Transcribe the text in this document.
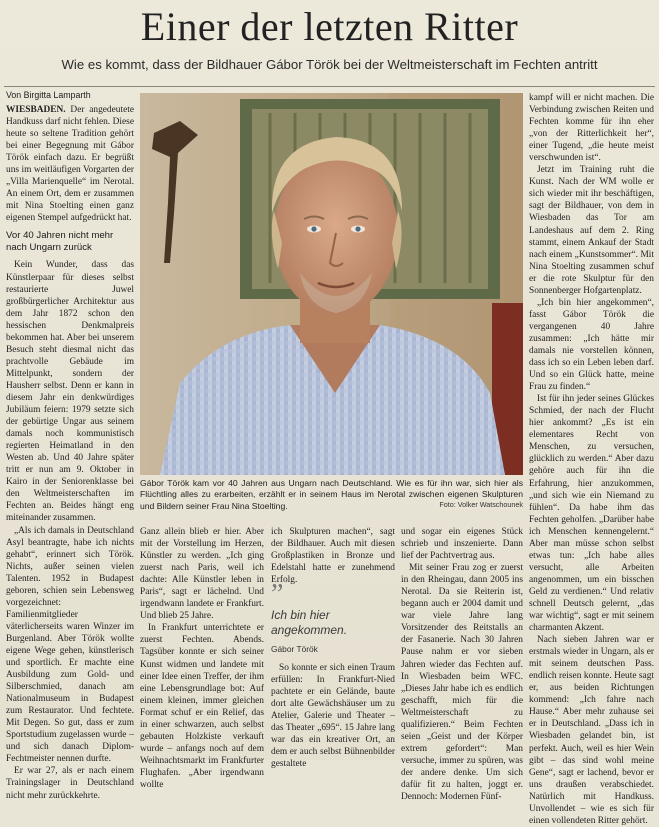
Einer der letzten Ritter
Wie es kommt, dass der Bildhauer Gábor Török bei der Weltmeisterschaft im Fechten antritt
Von Birgitta Lamparth

WIESBADEN. Der angedeutete Handkuss darf nicht fehlen. Diese heute so seltene Tradition gehört bei einer Begegnung mit Gábor Török einfach dazu. Er begrüßt uns im weitläufigen Vorgarten der „Villa Marienquelle“ im Nerotal. An einem Ort, dem er zusammen mit Nina Stoelting einen ganz eigenen Stempel aufgedrückt hat.

Vor 40 Jahren nicht mehr nach Ungarn zurück

Kein Wunder, dass das Künstlerpaar für dieses selbst restaurierte Juwel großbürgerlicher Architektur aus dem Jahr 1872 schon den hessischen Denkmalpreis bekommen hat. Aber bei unserem Besuch steht diesmal nicht das prachtvolle Gebäude im Mittelpunkt, sondern der Hausherr selbst. Denn er kann in diesem Jahr ein denkwürdiges Jubiläum feiern: 1979 setzte sich der gebürtige Ungar aus seinem damals noch kommunistisch regierten Heimatland in den Westen ab. Und 40 Jahre später tritt er nun am 9. Oktober in Kairo in der Seniorenklasse bei den Weltmeisterschaften im Fechten an. Beides hängt eng miteinander zusammen.

„Als ich damals in Deutschland Asyl beantragte, habe ich nichts gehabt“, erinnert sich Török. Nichts, außer seinen vielen Talenten. 1952 in Budapest geboren, schien sein Lebensweg vorgezeichnet: Familienmitglieder väterlicherseits waren Winzer im Burgenland. Aber Török wollte eigene Wege gehen, künstlerisch und sportlich. Er machte eine Ausbildung zum Gold- und Silberschmied, danach am Nationalmuseum in Budapest zum Restaurator. Und fechtete. Mit Degen. So gut, dass er zum Sportstudium zugelassen wurde – und sich danach Diplom-Fechtmeister nennen durfte.

Er war 27, als er nach einem Trainingslager in Deutschland nicht mehr zurückkehrte.

Gábor Török kam vor 40 Jahren aus Ungarn nach Deutschland. Wie es für ihn war, sich hier als Flüchtling alles zu erarbeiten, erzählt er in seinem Haus im Nerotal zwischen eigenen Skulpturen und Bildern seiner Frau Nina Stoelting.	Foto: Volker Watschounek

Ganz allein blieb er hier. Aber mit der Vorstellung im Herzen, Künstler zu werden. „Ich ging zuerst nach Paris, weil ich dachte: Alle Künstler leben in Paris“, sagt er lächelnd. Und irgendwann landete er Frankfurt. Und blieb 25 Jahre.

In Frankfurt unterrichtete er zuerst Fechten. Abends. Tagsüber konnte er sich seiner Kunst widmen und landete mit einer Idee einen Treffer, der ihm eine Lebensgrundlage bot: Auf einem kleinen, immer gleichen Format schuf er ein Relief, das in einer schwarzen, auch selbst gebauten Holzkiste verkauft wurde – anfangs noch auf dem Weihnachtsmarkt im Frankfurter Flughafen. „Aber irgendwann wollte

ich Skulpturen machen“, sagt der Bildhauer. Auch mit diesen Großplastiken in Bronze und Edelstahl hatte er zunehmend Erfolg.

”
Ich bin hier angekommen.
Gábor Török

So konnte er sich einen Traum erfüllen: In Frankfurt-Nied pachtete er ein Gelände, baute dort alte Gewächshäuser um zu Atelier, Galerie und Theater – das Theater „695“. 15 Jahre lang war das ein kreativer Ort, an dem er auch selbst Bühnenbilder gestaltete

und sogar ein eigenes Stück schrieb und inszenierte. Dann lief der Pachtvertrag aus.

Mit seiner Frau zog er zuerst in den Rheingau, dann 2005 ins Nerotal. Da sie Reiterin ist, begann auch er 2004 damit und war viele Jahre lang Vorsitzender des Reitstalls an der Fasanerie. Nach 30 Jahren Pause nahm er vor sieben Jahren wieder das Fechten auf. In Wiesbaden beim WFC. „Dieses Jahr habe ich es endlich geschafft, mich für die Weltmeisterschaft zu qualifizieren.“ Beim Fechten seien „Geist und der Körper extrem gefordert“: Man versuche, immer zu spüren, was der andere denke. Um sich dafür fit zu halten, joggt er. Dennoch: Modernen Fünf-

kampf will er nicht machen. Die Verbindung zwischen Reiten und Fechten komme für ihn eher „von der Ritterlichkeit her“, einer Tugend, „die heute meist verschwunden ist“.

Jetzt im Training ruht die Kunst. Nach der WM wolle er sich wieder mit ihr beschäftigen, sagt der Bildhauer, von dem in Wiesbaden das Tor am Landeshaus auf dem 2. Ring stammt, einem Ankauf der Stadt nach einem „Kunstsommer“. Mit Nina Stoelting zusammen schuf er die rote Skulptur für den Sonnenberger Hofgartenplatz.

„Ich bin hier angekommen“, fasst Gábor Török die vergangenen 40 Jahre zusammen: „Ich hätte mir damals nie vorstellen können, dass ich so ein Leben leben darf. Und so ein Glück hatte, meine Frau zu finden.“

Ist für ihn jeder seines Glückes Schmied, der nach der Flucht hier ankommt? „Es ist ein elementares Recht von Menschen, zu versuchen, glücklich zu werden.“ Aber dazu gehöre auch für ihn die Erfahrung, hier anzukommen, „und sich wie ein Niemand zu fühlen“. Da habe ihm das Fechten geholfen. „Darüber habe ich Menschen kennengelernt.“ Aber man müsse schon selbst etwas tun: „Ich habe alles versucht, alle Arbeiten angenommen, um ein bisschen Geld zu verdienen.“ Und relativ schnell Deutsch gelernt, „das war wichtig“, sagt er mit seinem charmanten Akzent.

Nach sieben Jahren war er erstmals wieder in Ungarn, als er mit seinem deutschen Pass. endlich reisen konnte. Heute sagt er, aus beiden Richtungen kommend: „Ich fahre nach Hause.“ Aber mehr zuhause sei er in Deutschland. „Dass ich in Wiesbaden gelandet bin, ist perfekt. Auch, weil es hier Wein gibt – das sind wohl meine Gene“, sagt er lachend, bevor er uns draußen verabschiedet. Natürlich mit Handkuss. Unvollendet – wie es sich für einen vollendeten Ritter gehört.
